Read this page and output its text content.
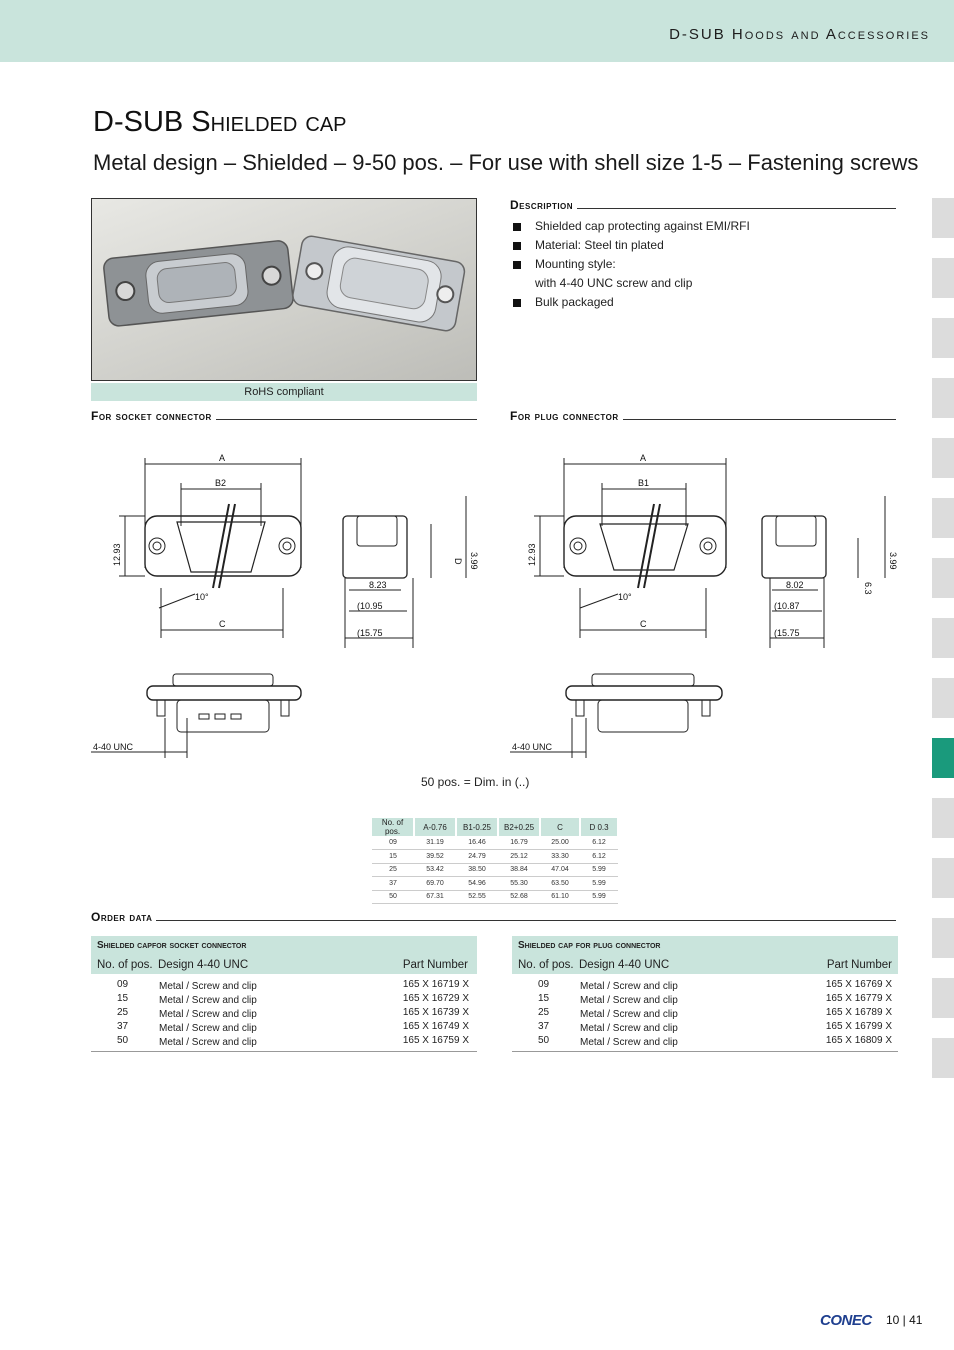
D-SUB Hoods and Accessories
D-SUB Shielded cap
Metal design – Shielded – 9-50 pos. – For use with shell size 1-5 – Fastening screws
RoHS compliant
Description
Shielded cap protecting against EMI/RFI
Material: Steel tin plated
Mounting style:
with 4-40 UNC screw and clip
Bulk packaged
For socket connector	For plug connector
A
B2
C
10°
12.93	D 3.99
8.23
(10.95
(15.75
4-40 UNC
A
B1
C
10°
12.93
6.3
3.99
8.02
(10.87
(15.75
4-40 UNC
50 pos. = Dim. in (..)
No. of pos.	A-0.76	B1-0.25	B2+0.25	C	D 0.3
09	31.19	16.46	16.79	25.00	6.12
15	39.52	24.79	25.12	33.30	6.12
25	53.42	38.50	38.84	47.04	5.99
37	69.70	54.96	55.30	63.50	5.99
50	67.31	52.55	52.68	61.10	5.99
Order data
Shielded capfor socket connector
No. of pos. Design 4-40 UNC	Part Number
09	Metal / Screw and clip	165 X 16719 X
15	Metal / Screw and clip	165 X 16729 X
25	Metal / Screw and clip	165 X 16739 X
37	Metal / Screw and clip	165 X 16749 X
50	Metal / Screw and clip	165 X 16759 X
Shielded cap for plug connector
No. of pos. Design 4-40 UNC	Part Number
09	Metal / Screw and clip	165 X 16769 X
15	Metal / Screw and clip	165 X 16779 X
25	Metal / Screw and clip	165 X 16789 X
37	Metal / Screw and clip	165 X 16799 X
50	Metal / Screw and clip	165 X 16809 X
CONEC 10 | 41
